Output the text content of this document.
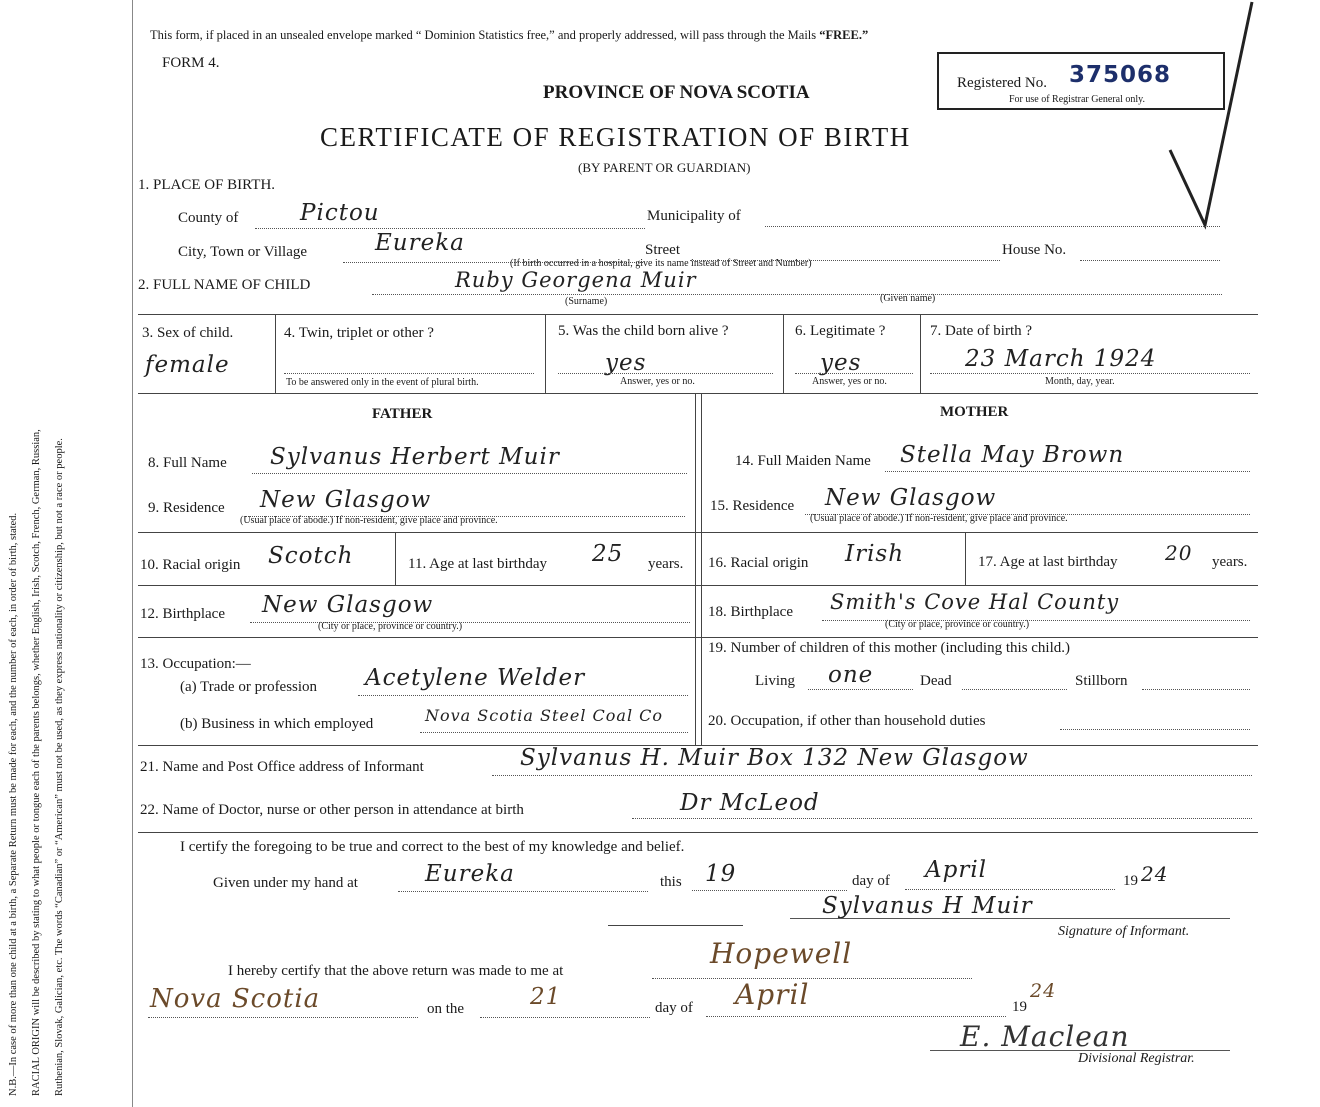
N.B.—In case of more than one child at a birth, a Separate Return must be made for each, and the number of each, in order of birth, stated.	RACIAL ORIGIN will be described by stating to what people or tongue each of the parents belongs, whether English, Irish, Scotch, French, German, Russian,	Ruthenian, Slovak, Galician, etc. The words “Canadian” or “American” must not be used, as they express nationality or citizenship, but not a race or people.
This form, if placed in an unsealed envelope marked “ Dominion Statistics free,” and properly addressed, will pass through the Mails “FREE.”
FORM 4.
PROVINCE OF NOVA SCOTIA
CERTIFICATE OF REGISTRATION OF BIRTH
(BY PARENT OR GUARDIAN)
Registered No. 375068
For use of Registrar General only.
1. PLACE OF BIRTH.
County of	Pictou	Municipality of
City, Town or Village	Eureka	Street	House No.
(If birth occurred in a hospital, give its name instead of Street and Number)
2. FULL NAME OF CHILD	Ruby Georgena Muir
(Surname)	(Given name)
3. Sex of child.
female
4. Twin, triplet or other ?
To be answered only in the event of plural birth.
5. Was the child born alive ?
yes
Answer, yes or no.
6. Legitimate ?
yes
Answer, yes or no.
7. Date of birth ?
23 March 1924
Month, day, year.
FATHER	MOTHER
8. Full Name Sylvanus Herbert Muir	14. Full Maiden Name Stella May Brown
9. Residence New Glasgow
(Usual place of abode.) If non-resident, give place and province.
15. Residence New Glasgow
(Usual place of abode.) If non-resident, give place and province.
10. Racial origin Scotch	11. Age at last birthday 25 years. 16. Racial origin Irish	17. Age at last birthday 20 years.
12. Birthplace New Glasgow
(City or place, province or country.)
18. Birthplace Smith's Cove Hal County
(City or place, province or country.)
13. Occupation:—
(a) Trade or profession Acetylene Welder
(b) Business in which employed	Nova Scotia Steel Coal Co
19. Number of children of this mother (including this child.)
Living one	Dead	Stillborn
20. Occupation, if other than household duties
21. Name and Post Office address of Informant	Sylvanus H. Muir Box 132 New Glasgow
22. Name of Doctor, nurse or other person in attendance at birth	Dr McLeod
I certify the foregoing to be true and correct to the best of my knowledge and belief.
Given under my hand at	Eureka	this 19	day of April	19 24
Sylvanus H Muir
Signature of Informant.
I hereby certify that the above return was made to me at
Hopewell
Nova Scotia	on the	21	day of April	19
24
E. Maclean
Divisional Registrar.
